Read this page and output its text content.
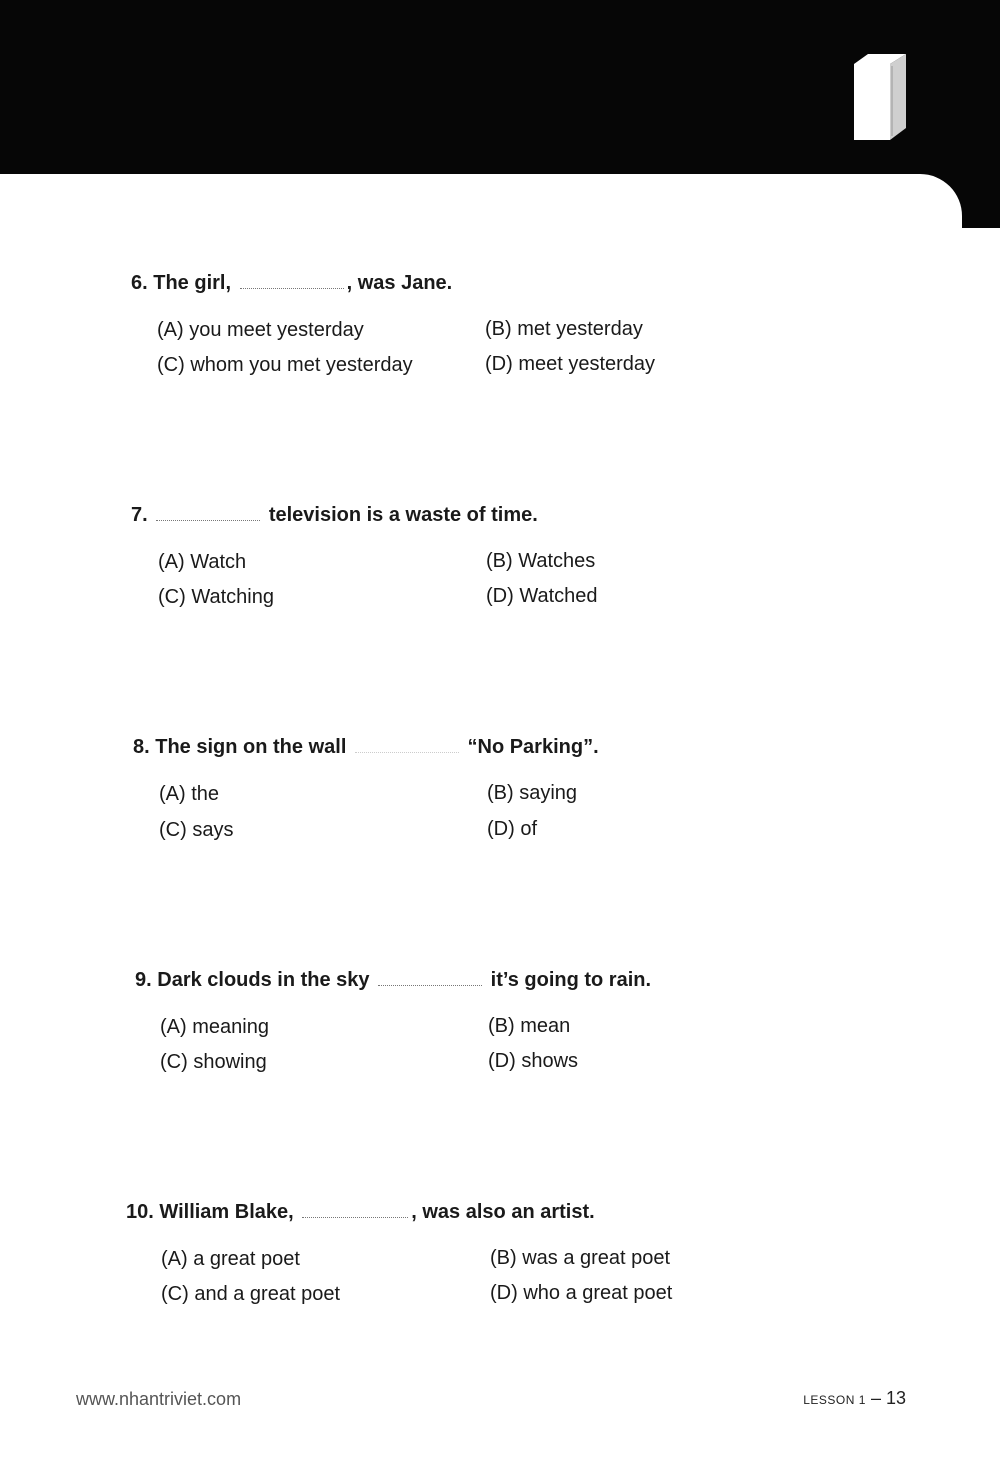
6. The girl,	, was Jane.
(A) you meet yesterday	(B) met yesterday
(C) whom you met yesterday	(D) meet yesterday
7.	television is a waste of time.
(A) Watch	(B) Watches
(C) Watching	(D) Watched
8. The sign on the wall	“No Parking”.
(A) the	(B) saying
(C) says	(D) of
9. Dark clouds in the sky	it’s going to rain.
(A) meaning	(B) mean
(C) showing	(D) shows
10. William Blake,	, was also an artist.
(A) a great poet	(B) was a great poet
(C) and a great poet	(D) who a great poet
www.nhantriviet.com	LESSON 1 – 13
